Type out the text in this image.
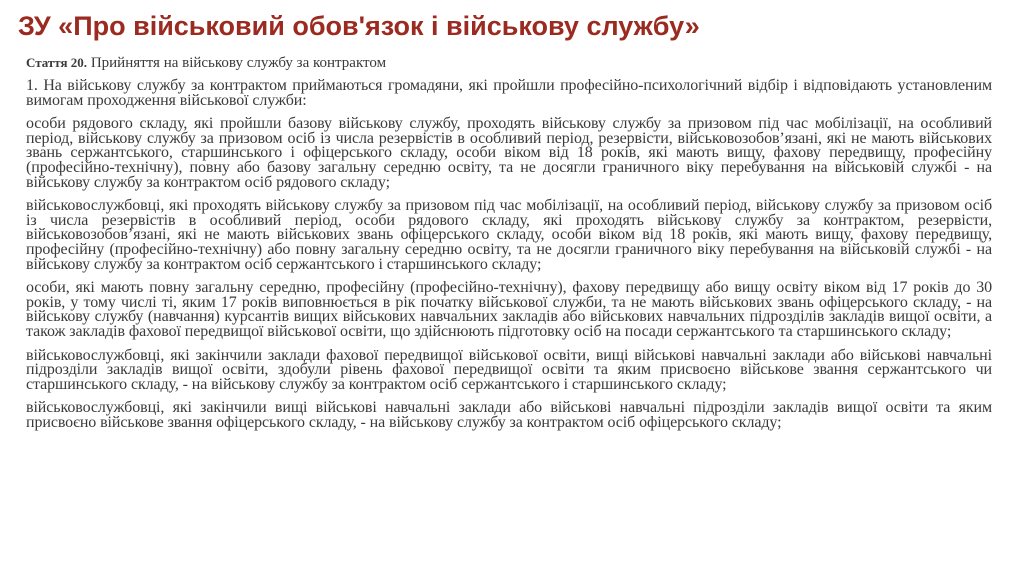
ЗУ «Про військовий обов'язок і військову службу»

Стаття 20. Прийняття на військову службу за контрактом

1. На військову службу за контрактом приймаються громадяни, які пройшли професійно-психологічний відбір і відповідають установленим вимогам проходження військової служби:

особи рядового складу, які пройшли базову військову службу, проходять військову службу за призовом під час мобілізації, на особливий період, військову службу за призовом осіб із числа резервістів в особливий період, резервісти, військовозобов’язані, які не мають військових звань сержантського, старшинського і офіцерського складу, особи віком від 18 років, які мають вищу, фахову передвищу, професійну (професійно-технічну), повну або базову загальну середню освіту, та не досягли граничного віку перебування на військовій службі - на військову службу за контрактом осіб рядового складу;

військовослужбовці, які проходять військову службу за призовом під час мобілізації, на особливий період, військову службу за призовом осіб із числа резервістів в особливий період, особи рядового складу, які проходять військову службу за контрактом, резервісти, військовозобов’язані, які не мають військових звань офіцерського складу, особи віком від 18 років, які мають вищу, фахову передвищу, професійну (професійно-технічну) або повну загальну середню освіту, та не досягли граничного віку перебування на військовій службі - на військову службу за контрактом осіб сержантського і старшинського складу;

особи, які мають повну загальну середню, професійну (професійно-технічну), фахову передвищу або вищу освіту віком від 17 років до 30 років, у тому числі ті, яким 17 років виповнюється в рік початку військової служби, та не мають військових звань офіцерського складу, - на військову службу (навчання) курсантів вищих військових навчальних закладів або військових навчальних підрозділів закладів вищої освіти, а також закладів фахової передвищої військової освіти, що здійснюють підготовку осіб на посади сержантського та старшинського складу;

військовослужбовці, які закінчили заклади фахової передвищої військової освіти, вищі військові навчальні заклади або військові навчальні підрозділи закладів вищої освіти, здобули рівень фахової передвищої освіти та яким присвоєно військове звання сержантського чи старшинського складу, - на військову службу за контрактом осіб сержантського і старшинського складу;

військовослужбовці, які закінчили вищі військові навчальні заклади або військові навчальні підрозділи закладів вищої освіти та яким присвоєно військове звання офіцерського складу, - на військову службу за контрактом осіб офіцерського складу;
